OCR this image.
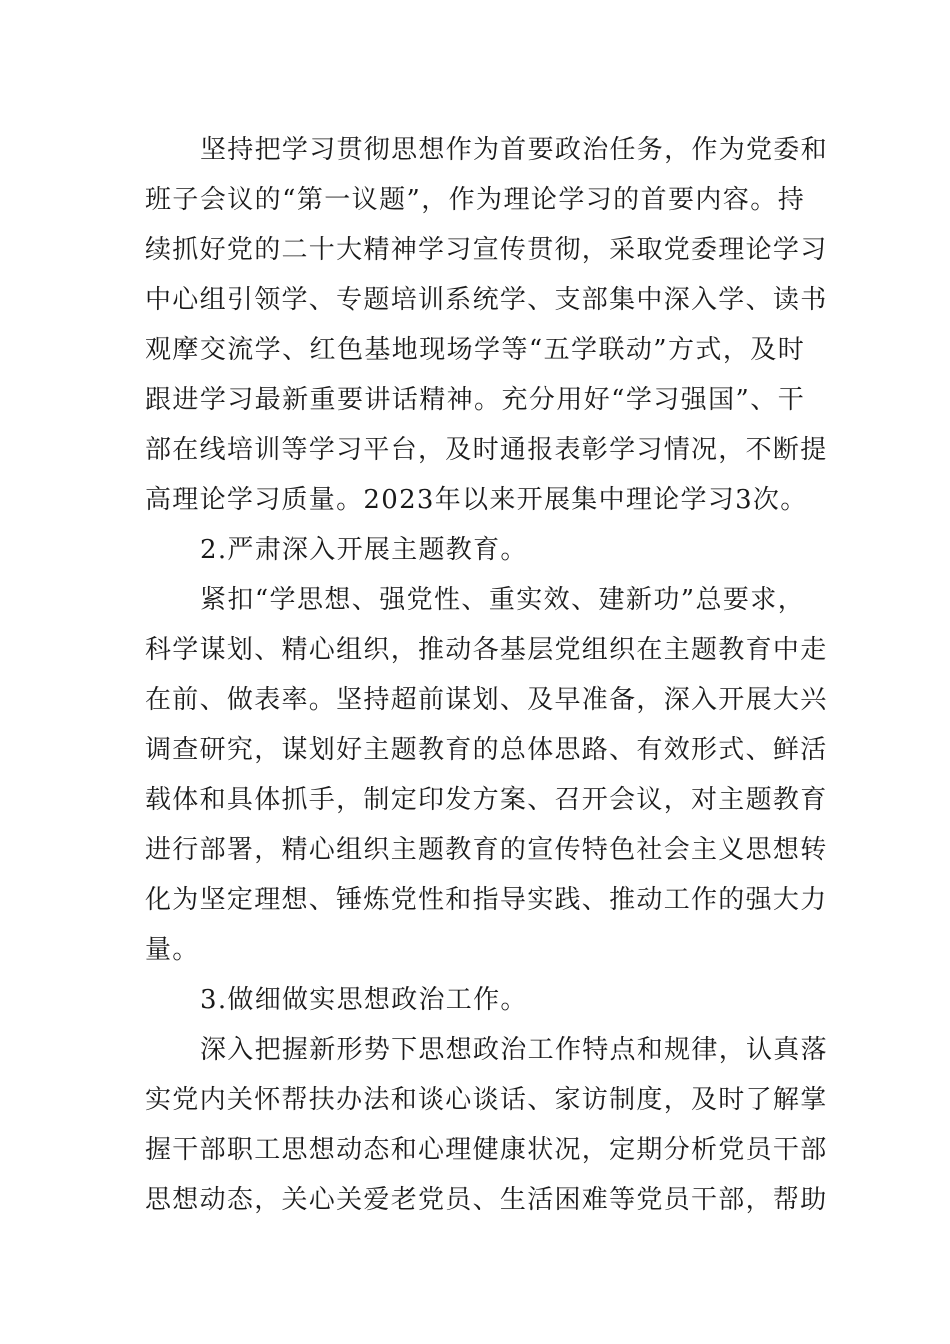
坚持把学习贯彻思想作为首要政治任务，作为党委和
班子会议的“第一议题”，作为理论学习的首要内容。持
续抓好党的二十大精神学习宣传贯彻，采取党委理论学习
中心组引领学、专题培训系统学、支部集中深入学、读书
观摩交流学、红色基地现场学等“五学联动”方式，及时
跟进学习最新重要讲话精神。充分用好“学习强国”、干
部在线培训等学习平台，及时通报表彰学习情况，不断提
高理论学习质量。2023年以来开展集中理论学习3次。

2.严肃深入开展主题教育。

紧扣“学思想、强党性、重实效、建新功”总要求，
科学谋划、精心组织，推动各基层党组织在主题教育中走
在前、做表率。坚持超前谋划、及早准备，深入开展大兴
调查研究，谋划好主题教育的总体思路、有效形式、鲜活
载体和具体抓手，制定印发方案、召开会议，对主题教育
进行部署，精心组织主题教育的宣传特色社会主义思想转
化为坚定理想、锤炼党性和指导实践、推动工作的强大力
量。

3.做细做实思想政治工作。

深入把握新形势下思想政治工作特点和规律，认真落
实党内关怀帮扶办法和谈心谈话、家访制度，及时了解掌
握干部职工思想动态和心理健康状况，定期分析党员干部
思想动态，关心关爱老党员、生活困难等党员干部，帮助
